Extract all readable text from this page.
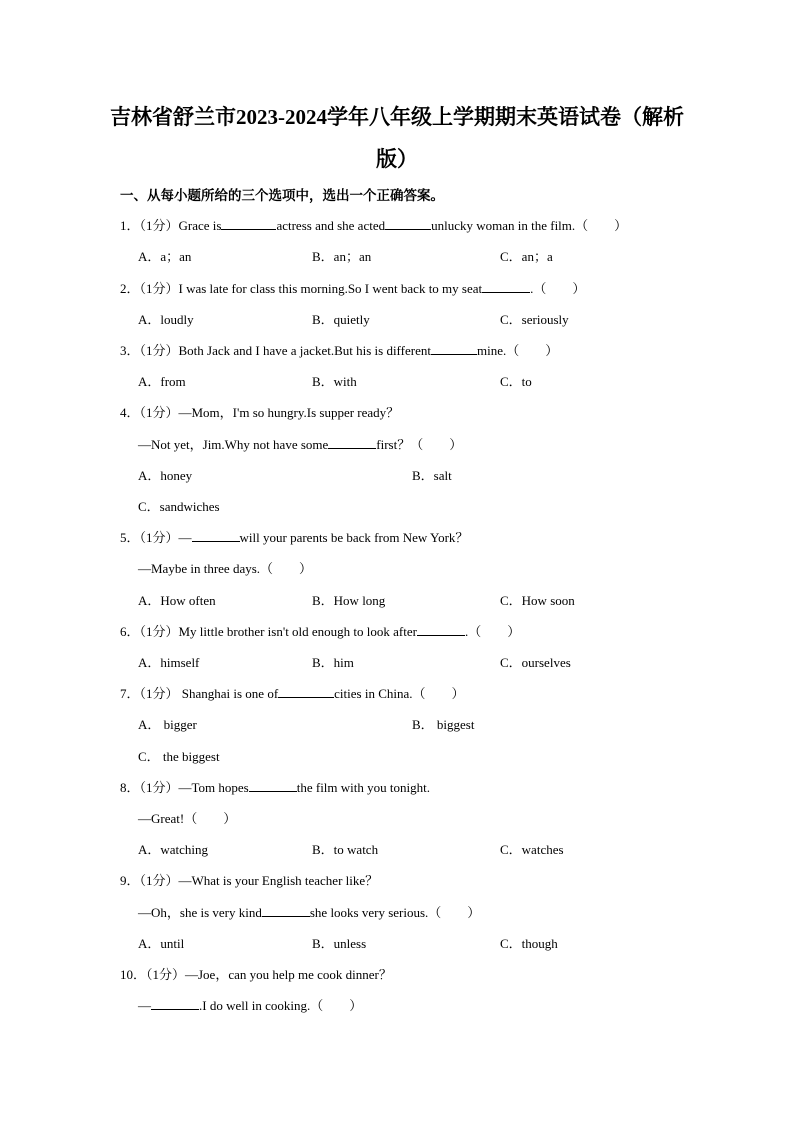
吉林省舒兰市2023-2024学年八年级上学期期末英语试卷（解析
版）
一、从每小题所给的三个选项中，选出一个正确答案。
1．（1分）Grace is	actress and she acted	unlucky woman in the film.（　　）
A．a；an	B．an；an	C．an；a
2．（1分）I was late for class this morning.So I went back to my seat	.（　　）
A．loudly	B．quietly	C．seriously
3．（1分）Both Jack and I have a jacket.But his is different	mine.（　　）
A．from	B．with	C．to
4．（1分）—Mom，I'm so hungry.Is supper ready？
—Not yet，Jim.Why not have some	first？（　　）
A．honey	B．salt
C．sandwiches
5．（1分）—	will your parents be back from New York？
—Maybe in three days.（　　）
A．How often	B．How long	C．How soon
6．（1分）My little brother isn't old enough to look after	.（　　）
A．himself	B．him	C．ourselves
7．（1分） Shanghai is one of	cities in China.（　　）
A． bigger	B． biggest
C． the biggest
8．（1分）—Tom hopes	the film with you tonight.
—Great!（　　）
A．watching	B．to watch	C．watches
9．（1分）—What is your English teacher like？
—Oh，she is very kind	she looks very serious.（　　）
A．until	B．unless	C．though
10．（1分）—Joe，can you help me cook dinner？
—	.I do well in cooking.（　　）
